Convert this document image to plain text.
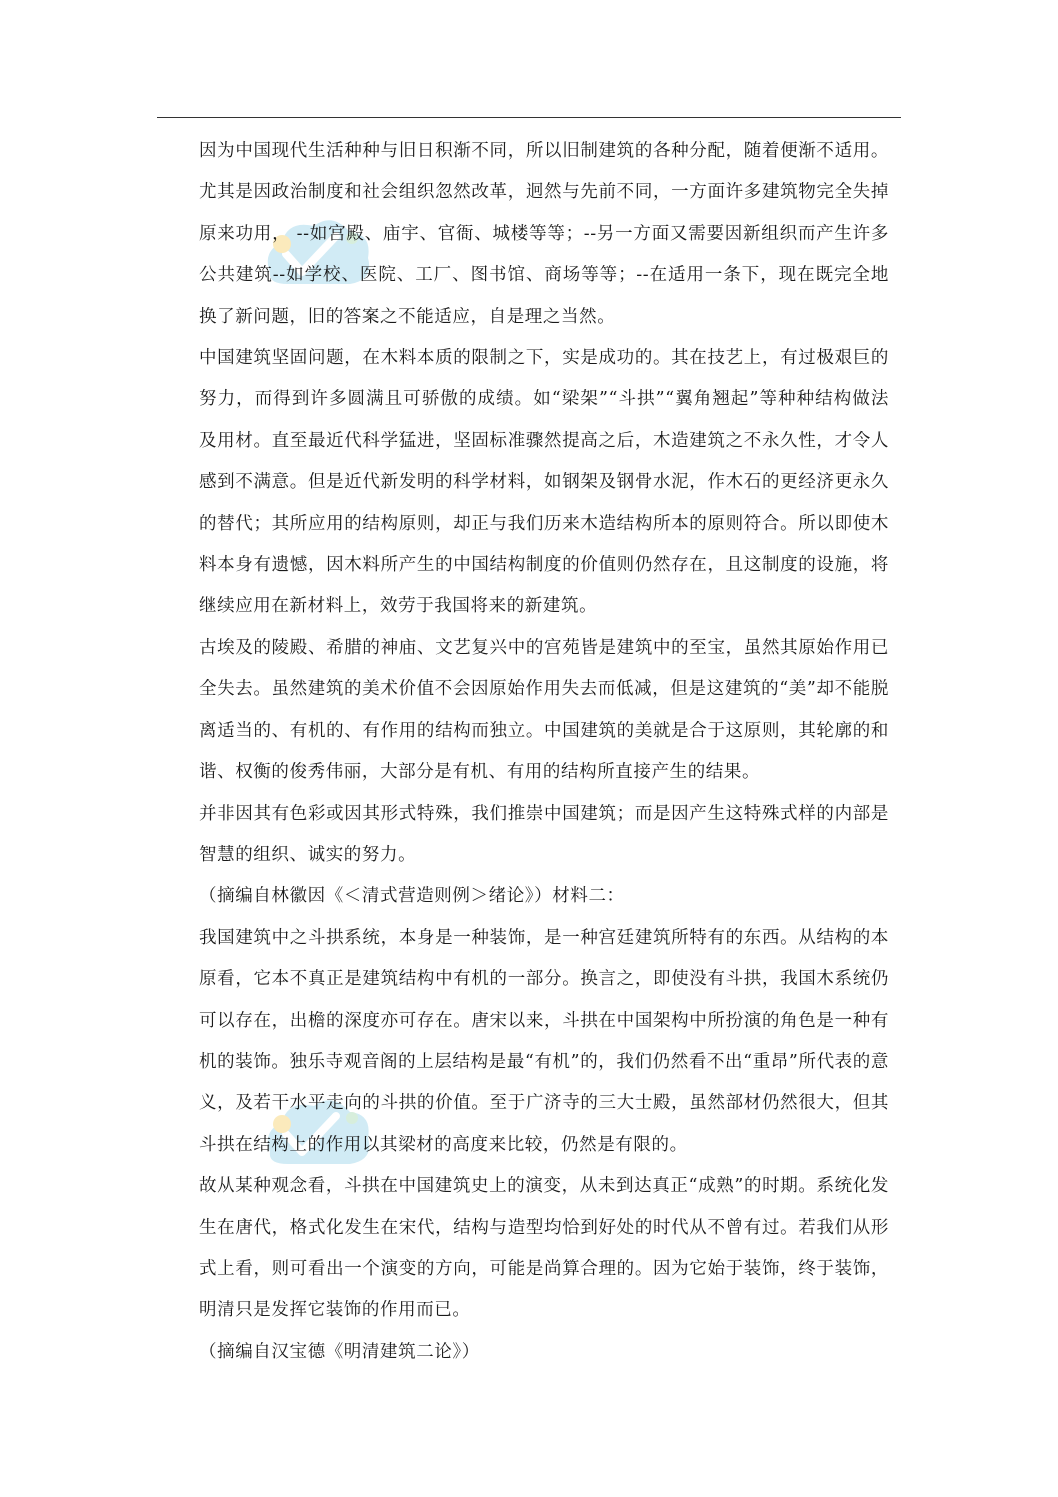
因为中国现代生活种种与旧日积渐不同，所以旧制建筑的各种分配，随着便渐不适用。尤其是因政治制度和社会组织忽然改革，迥然与先前不同，一方面许多建筑物完全失掉原来功用， --如宫殿、庙宇、官衙、城楼等等；--另一方面又需要因新组织而产生许多公共建筑--如学校、医院、工厂、图书馆、商场等等；--在适用一条下，现在既完全地换了新问题，旧的答案之不能适应，自是理之当然。

中国建筑坚固问题，在木料本质的限制之下，实是成功的。其在技艺上，有过极艰巨的努力，而得到许多圆满且可骄傲的成绩。如“梁架”“斗拱”“翼角翘起”等种种结构做法及用材。直至最近代科学猛进，坚固标准骤然提高之后，木造建筑之不永久性，才令人感到不满意。但是近代新发明的科学材料，如钢架及钢骨水泥，作木石的更经济更永久的替代；其所应用的结构原则，却正与我们历来木造结构所本的原则符合。所以即使木料本身有遗憾，因木料所产生的中国结构制度的价值则仍然存在，且这制度的设施，将继续应用在新材料上，效劳于我国将来的新建筑。

古埃及的陵殿、希腊的神庙、文艺复兴中的宫苑皆是建筑中的至宝，虽然其原始作用已全失去。虽然建筑的美术价值不会因原始作用失去而低减，但是这建筑的“美”却不能脱离适当的、有机的、有作用的结构而独立。中国建筑的美就是合于这原则，其轮廓的和谐、权衡的俊秀伟丽，大部分是有机、有用的结构所直接产生的结果。

并非因其有色彩或因其形式特殊，我们推崇中国建筑；而是因产生这特殊式样的内部是智慧的组织、诚实的努力。

（摘编自林徽因《＜清式营造则例＞绪论》）材料二：

我国建筑中之斗拱系统，本身是一种装饰，是一种宫廷建筑所特有的东西。从结构的本原看，它本不真正是建筑结构中有机的一部分。换言之，即使没有斗拱，我国木系统仍可以存在，出檐的深度亦可存在。唐宋以来，斗拱在中国架构中所扮演的角色是一种有机的装饰。独乐寺观音阁的上层结构是最“有机”的，我们仍然看不出“重昂”所代表的意义，及若干水平走向的斗拱的价值。至于广济寺的三大士殿，虽然部材仍然很大，但其斗拱在结构上的作用以其梁材的高度来比较，仍然是有限的。

故从某种观念看，斗拱在中国建筑史上的演变，从未到达真正“成熟”的时期。系统化发生在唐代，格式化发生在宋代，结构与造型均恰到好处的时代从不曾有过。若我们从形式上看，则可看出一个演变的方向，可能是尚算合理的。因为它始于装饰，终于装饰，明清只是发挥它装饰的作用而已。

（摘编自汉宝德《明清建筑二论》）
